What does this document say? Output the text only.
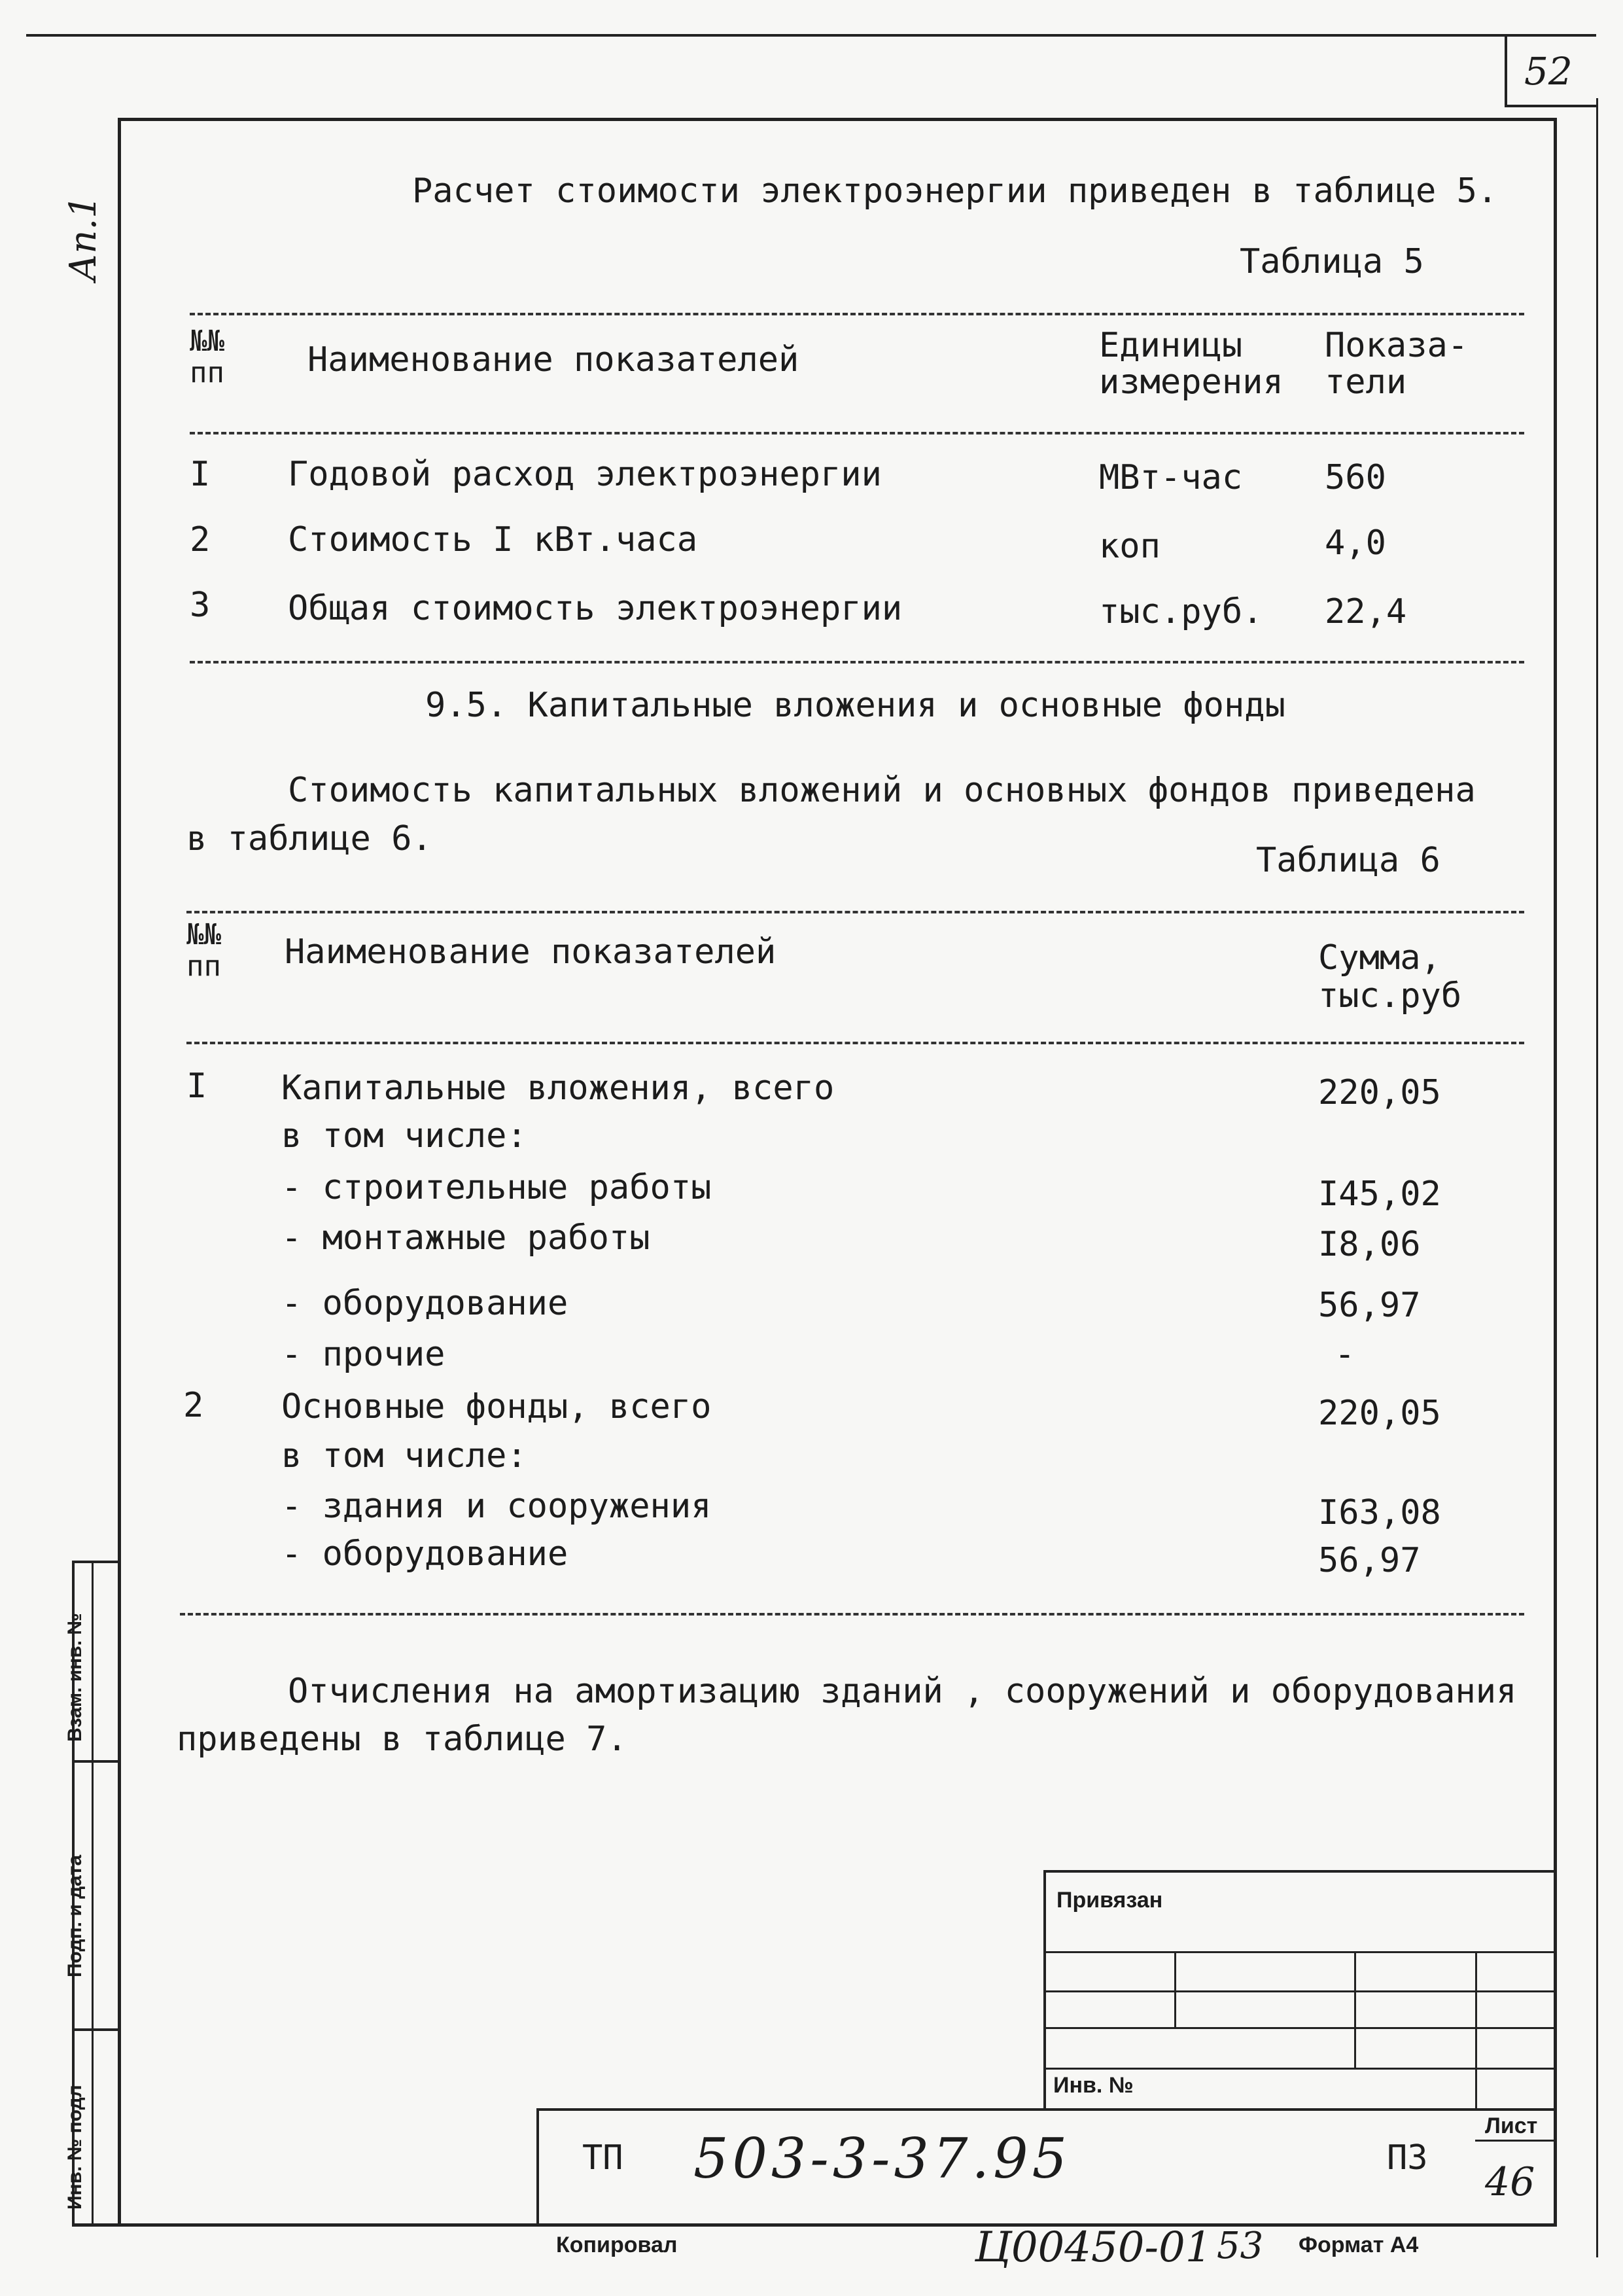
52
Ап.1
Расчет стоимости электроэнергии приведен в таблице 5.
Таблица 5
№№
пп Наименование показателей	Единицы
измерения
Показа-
тели
I Годовой расход электроэнергии	МВт-час 560
2 Стоимость I кВт.часа	коп	4,0
3 Общая стоимость электроэнергии	тыс.руб. 22,4
9.5. Капитальные вложения и основные фонды
Стоимость капитальных вложений и основных фондов приведена
в таблице 6.
Таблица 6
№№
пп Наименование показателей	Сумма,
тыс.руб
I Капитальные вложения, всего	220,05
в том числе:
- строительные работы	I45,02
- монтажные работы	I8,06
- оборудование	56,97
- прочие	-
2 Основные фонды, всего	220,05
в том числе:
- здания и сооружения	I63,08
- оборудование	56,97
Отчисления на амортизацию зданий , сооружений и оборудования
приведены в таблице 7.
Взам. инв. №
Подп. и дата
Инв. № подл
Привязан
Инв. №
ТП 503-3-37.95	ПЗ
Лист
46
Копировал	Ц00450-01 53 Формат А4
